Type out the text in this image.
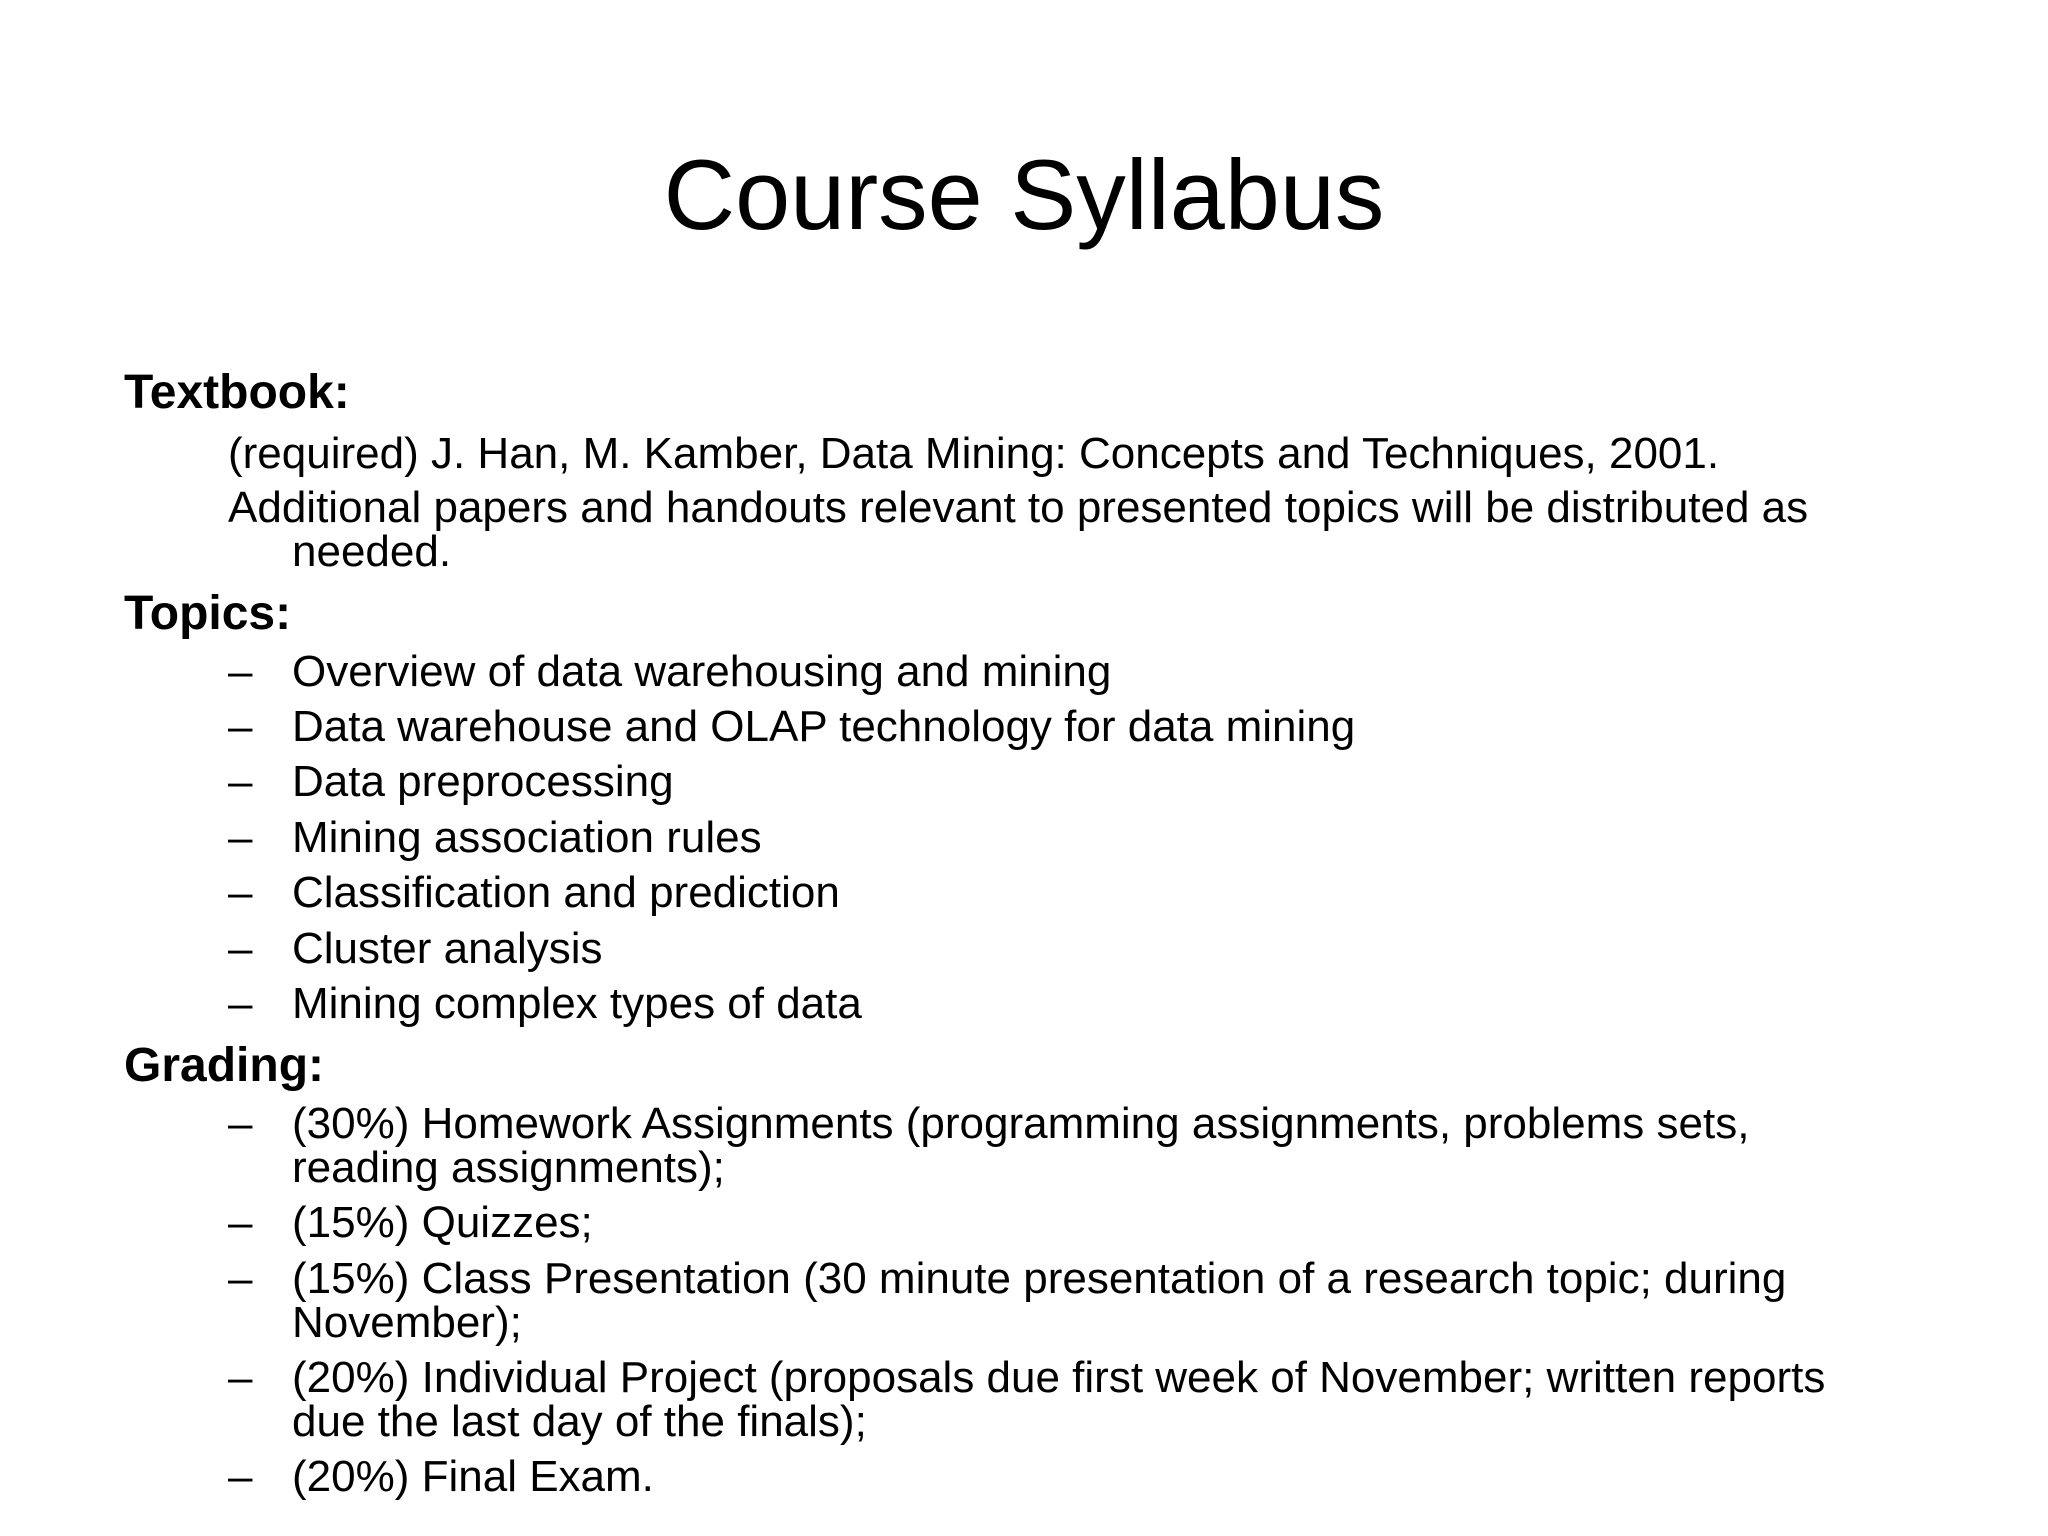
Course Syllabus
Textbook:
(required) J. Han, M. Kamber, Data Mining: Concepts and Techniques, 2001.
Additional papers and handouts relevant to presented topics will be distributed as
needed.
Topics:
– Overview of data warehousing and mining
– Data warehouse and OLAP technology for data mining
– Data preprocessing
– Mining association rules
– Classification and prediction
– Cluster analysis
– Mining complex types of data
Grading:
– (30%) Homework Assignments (programming assignments, problems sets,
reading assignments);
– (15%) Quizzes;
– (15%) Class Presentation (30 minute presentation of a research topic; during
November);
– (20%) Individual Project (proposals due first week of November; written reports
due the last day of the finals);
– (20%) Final Exam.
